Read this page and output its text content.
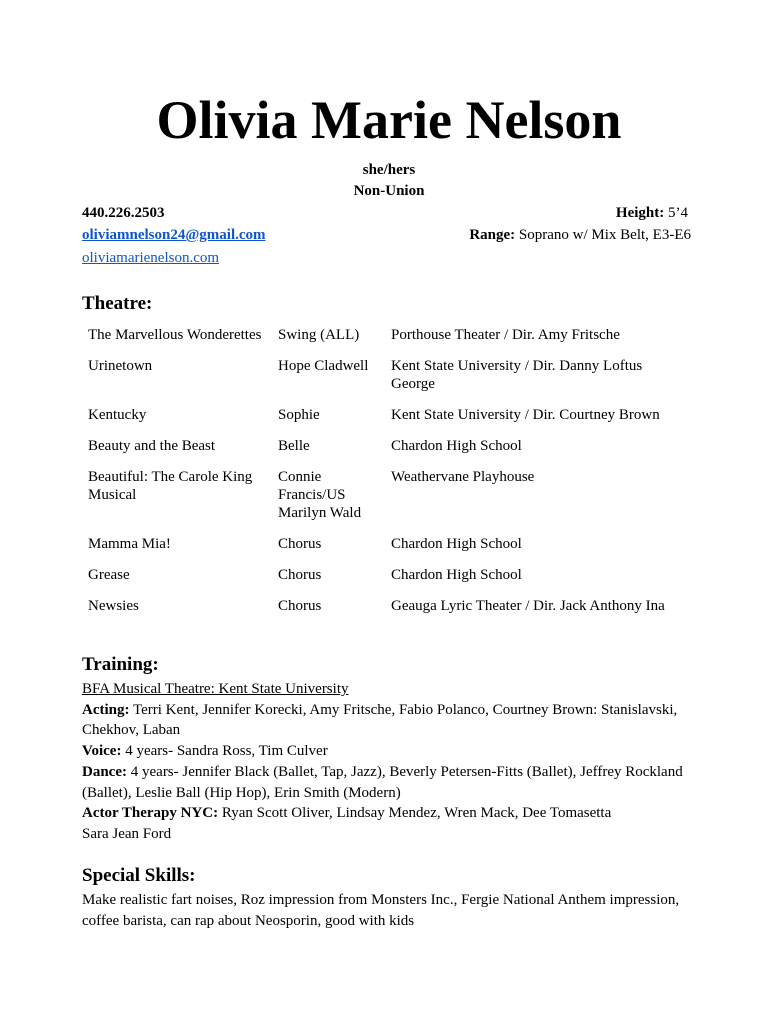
Olivia Marie Nelson
she/hers
Non-Union
440.226.2503
oliviamnelson24@gmail.com
oliviamarienelson.com
Height: 5’4
Range: Soprano w/ Mix Belt, E3-E6
Theatre:
The Marvellous Wonderettes	Swing (ALL)	Porthouse Theater / Dir. Amy Fritsche
Urinetown	Hope Cladwell	Kent State University / Dir. Danny Loftus George
Kentucky	Sophie	Kent State University / Dir. Courtney Brown
Beauty and the Beast	Belle	Chardon High School
Beautiful: The Carole King Musical	Connie Francis/US Marilyn Wald	Weathervane Playhouse
Mamma Mia!	Chorus	Chardon High School
Grease	Chorus	Chardon High School
Newsies	Chorus	Geauga Lyric Theater / Dir. Jack Anthony Ina
Training:

BFA Musical Theatre: Kent State University

Acting: Terri Kent, Jennifer Korecki, Amy Fritsche, Fabio Polanco, Courtney Brown: Stanislavski, Chekhov, Laban

Voice: 4 years- Sandra Ross, Tim Culver

Dance: 4 years- Jennifer Black (Ballet, Tap, Jazz), Beverly Petersen-Fitts (Ballet), Jeffrey Rockland (Ballet), Leslie Ball (Hip Hop), Erin Smith (Modern)

Actor Therapy NYC: Ryan Scott Oliver, Lindsay Mendez, Wren Mack, Dee Tomasetta

Sara Jean Ford

Special Skills:
Make realistic fart noises, Roz impression from Monsters Inc., Fergie National Anthem impression, coffee barista, can rap about Neosporin, good with kids
